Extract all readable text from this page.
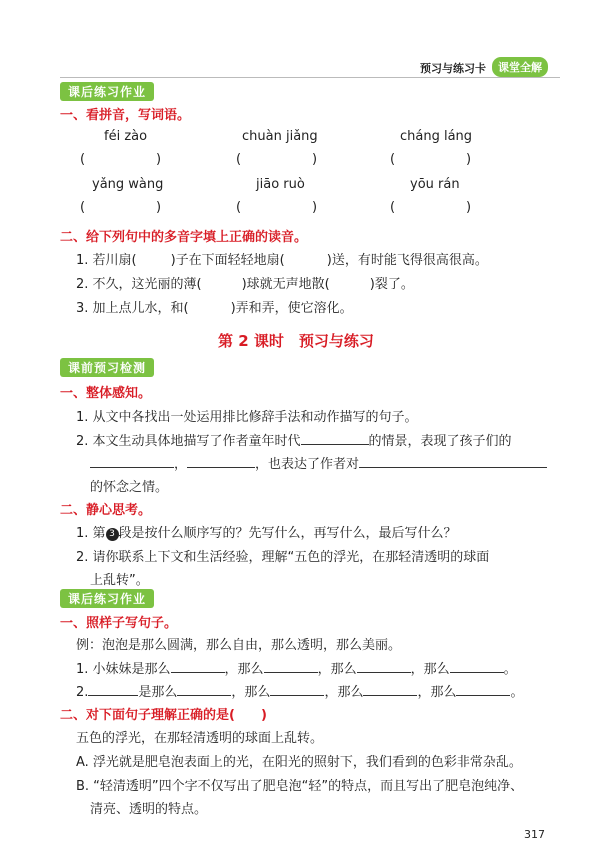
预习与练习卡	课堂全解
课后练习作业
一、看拼音，写词语。
féi zào	chuàn jiǎng	cháng láng
(	)	(	)	(	)
yǎng wàng	jiāo ruò	yōu rán
(	)	(	)	(	)
二、给下列句中的多音字填上正确的读音。
1. 若川扇(	)子在下面轻轻地扇(	)送，有时能飞得很高很高。
2. 不久，这光丽的薄(	)球就无声地散(	)裂了。
3. 加上点儿水，和(	)弄和弄，使它溶化。
第 2 课时　预习与练习
课前预习检测
一、整体感知。
1. 从文中各找出一处运用排比修辞手法和动作描写的句子。
2. 本文生动具体地描写了作者童年时代	的情景，表现了孩子们的
，	，也表达了作者对
的怀念之情。
二、静心思考。
1. 第 3 段是按什么顺序写的？先写什么，再写什么，最后写什么？
2. 请你联系上下文和生活经验，理解“五色的浮光，在那轻清透明的球面
上乱转”。
课后练习作业
一、照样子写句子。
例：泡泡是那么圆满，那么自由，那么透明，那么美丽。
1. 小妹妹是那么	，那么	，那么	，那么	。
2.	是那么	，那么	，那么	，那么	。
二、对下面句子理解正确的是(　　)
五色的浮光，在那轻清透明的球面上乱转。
A. 浮光就是肥皂泡表面上的光，在阳光的照射下，我们看到的色彩非常杂乱。
B. “轻清透明”四个字不仅写出了肥皂泡“轻”的特点，而且写出了肥皂泡纯净、
清亮、透明的特点。
317
